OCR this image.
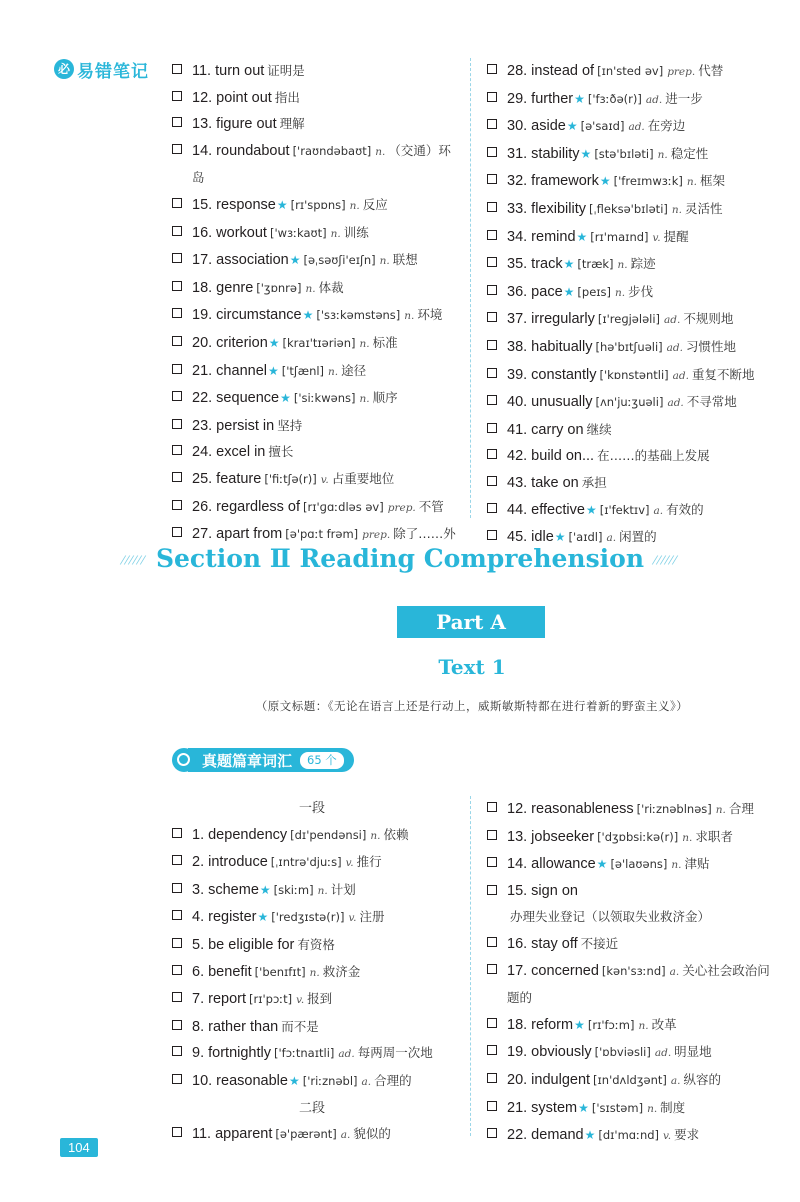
必 易错笔记	11. turn out 证明是
12. point out 指出
13. figure out 理解
14. roundabout ['raʊndəbaʊt] n. （交通）环岛
15. response★ [rɪ'spɒns] n. 反应
16. workout ['wɜːkaʊt] n. 训练
17. association★ [əˌsəʊʃi'eɪʃn] n. 联想
18. genre ['ʒɒnrə] n. 体裁
19. circumstance★ ['sɜːkəmstəns] n. 环境
20. criterion★ [kraɪ'tɪəriən] n. 标准
21. channel★ ['tʃænl] n. 途径
22. sequence★ ['siːkwəns] n. 顺序
23. persist in 坚持
24. excel in 擅长
25. feature ['fiːtʃə(r)] v. 占重要地位
26. regardless of [rɪ'ɡɑːdləs əv] prep. 不管
27. apart from [ə'pɑːt frəm] prep. 除了……外
28. instead of [ɪn'sted əv] prep. 代替
29. further★ ['fɜːðə(r)] ad. 进一步
30. aside★ [ə'saɪd] ad. 在旁边
31. stability★ [stə'bɪləti] n. 稳定性
32. framework★ ['freɪmwɜːk] n. 框架
33. flexibility [ˌfleksə'bɪləti] n. 灵活性
34. remind★ [rɪ'maɪnd] v. 提醒
35. track★ [træk] n. 踪迹
36. pace★ [peɪs] n. 步伐
37. irregularly [ɪ'reɡjələli] ad. 不规则地
38. habitually [hə'bɪtʃuəli] ad. 习惯性地
39. constantly ['kɒnstəntli] ad. 重复不断地
40. unusually [ʌn'juːʒuəli] ad. 不寻常地
41. carry on 继续
42. build on... 在……的基础上发展
43. take on 承担
44. effective★ [ɪ'fektɪv] a. 有效的
45. idle★ ['aɪdl] a. 闲置的
⁄⁄⁄⁄⁄⁄ Section Ⅱ Reading Comprehension ⁄⁄⁄⁄⁄⁄
Part A
Text 1
（原文标题：《无论在语言上还是行动上，威斯敏斯特都在进行着新的野蛮主义》）
真题篇章词汇	65 个
一段
1. dependency [dɪ'pendənsi] n. 依赖
2. introduce [ˌɪntrə'djuːs] v. 推行
3. scheme★ [skiːm] n. 计划
4. register★ ['redʒɪstə(r)] v. 注册
5. be eligible for 有资格
6. benefit ['benɪfɪt] n. 救济金
7. report [rɪ'pɔːt] v. 报到
8. rather than 而不是
9. fortnightly ['fɔːtnaɪtli] ad. 每两周一次地
10. reasonable★ ['riːznəbl] a. 合理的
二段
11. apparent [ə'pærənt] a. 貌似的
12. reasonableness ['riːznəblnəs] n. 合理
13. jobseeker ['dʒɒbsiːkə(r)] n. 求职者
14. allowance★ [ə'laʊəns] n. 津贴
15. sign on办理失业登记（以领取失业救济金）
16. stay off 不接近
17. concerned [kən'sɜːnd] a. 关心社会政治问题的
18. reform★ [rɪ'fɔːm] n. 改革
19. obviously ['ɒbviəsli] ad. 明显地
20. indulgent [ɪn'dʌldʒənt] a. 纵容的
21. system★ ['sɪstəm] n. 制度
22. demand★ [dɪ'mɑːnd] v. 要求
104
